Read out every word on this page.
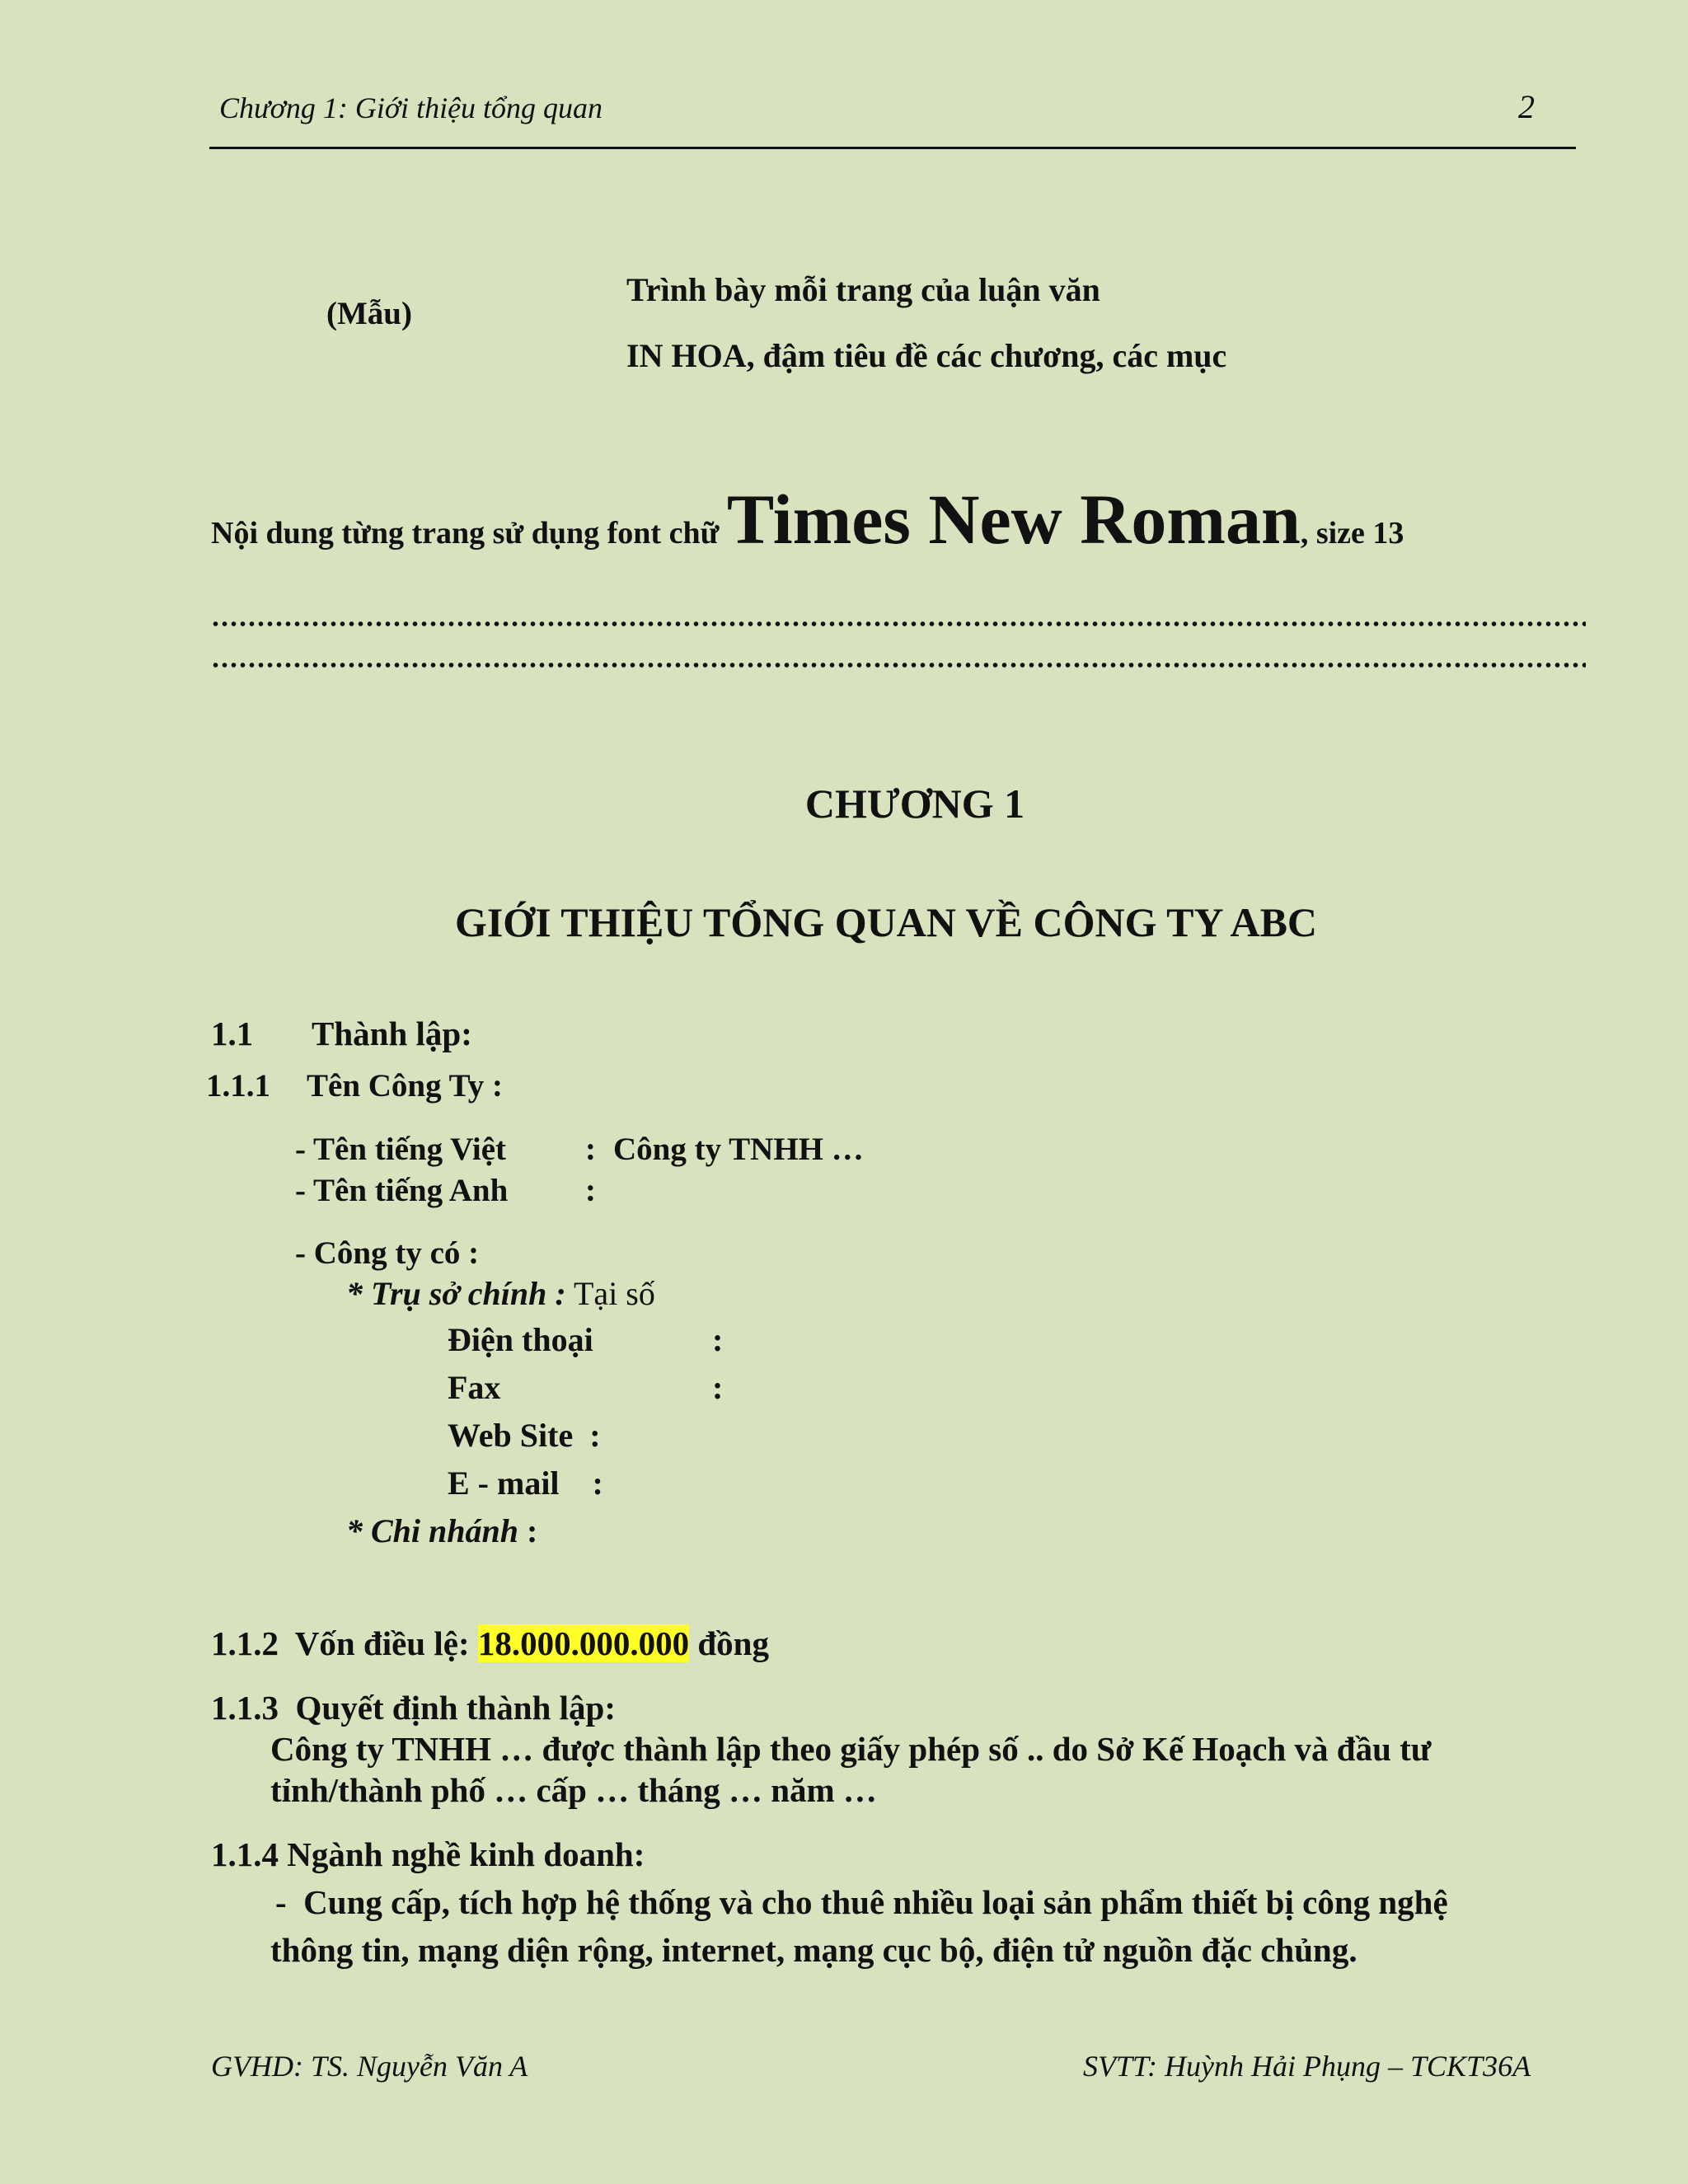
Chương 1: Giới thiệu tổng quan	2
(Mẫu)
Trình bày mỗi trang của luận văn
IN HOA, đậm tiêu đề các chương, các mục
Nội dung từng trang sử dụng font chữ Times New Roman, size 13
CHƯƠNG 1
GIỚI THIỆU TỔNG QUAN VỀ CÔNG TY ABC
1.1 Thành lập:
1.1.1 Tên Công Ty :
- Tên tiếng Việt : Công ty TNHH …
- Tên tiếng Anh :
- Công ty có :
* Trụ sở chính : Tại số
Điện thoại	:
Fax	:
Web Site  :
E - mail    :
* Chi nhánh :
1.1.2  Vốn điều lệ: 18.000.000.000 đồng
1.1.3  Quyết định thành lập:
Công ty TNHH … được thành lập theo giấy phép số .. do Sở Kế Hoạch và đầu tư
tỉnh/thành phố … cấp … tháng … năm …
1.1.4 Ngành nghề kinh doanh:
-  Cung cấp, tích hợp hệ thống và cho thuê nhiều loại sản phẩm thiết bị công nghệ
thông tin, mạng diện rộng, internet, mạng cục bộ, điện tử nguồn đặc chủng.
GVHD: TS. Nguyễn Văn A	SVTT: Huỳnh Hải Phụng – TCKT36A
